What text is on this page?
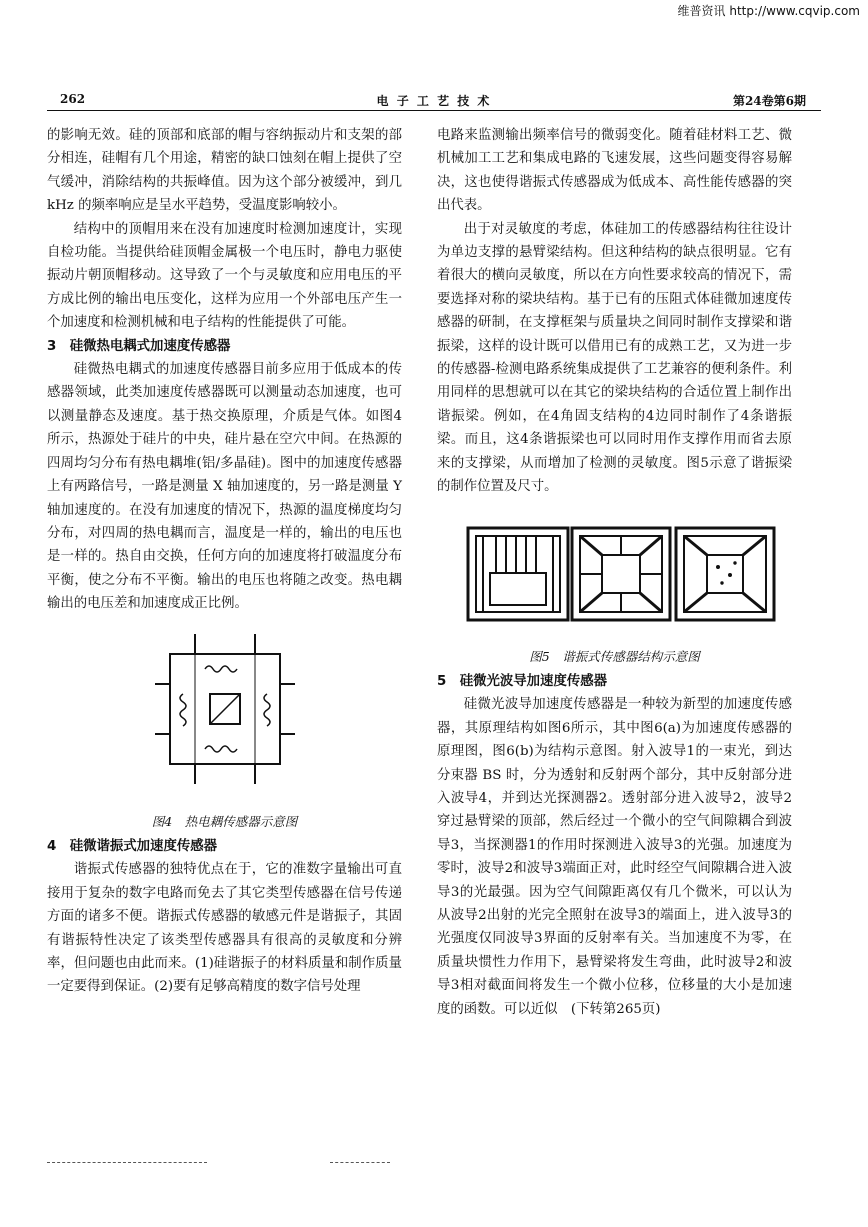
维普资讯 http://www.cqvip.com
262	电 子 工 艺 技 术	第24卷第6期

的影响无效。硅的顶部和底部的帽与容纳振动片和支架的部分相连，硅帽有几个用途，精密的缺口蚀刻在帽上提供了空气缓冲，消除结构的共振峰值。因为这个部分被缓冲，到几 kHz 的频率响应是呈水平趋势，受温度影响较小。

结构中的顶帽用来在没有加速度时检测加速度计，实现自检功能。当提供给硅顶帽金属极一个电压时，静电力驱使振动片朝顶帽移动。这导致了一个与灵敏度和应用电压的平方成比例的输出电压变化，这样为应用一个外部电压产生一个加速度和检测机械和电子结构的性能提供了可能。

3　硅微热电耦式加速度传感器

硅微热电耦式的加速度传感器目前多应用于低成本的传感器领域，此类加速度传感器既可以测量动态加速度，也可以测量静态及速度。基于热交换原理，介质是气体。如图4所示，热源处于硅片的中央，硅片悬在空穴中间。在热源的四周均匀分布有热电耦堆(铝/多晶硅)。图中的加速度传感器上有两路信号，一路是测量 X 轴加速度的，另一路是测量 Y 轴加速度的。在没有加速度的情况下，热源的温度梯度均匀分布，对四周的热电耦而言，温度是一样的，输出的电压也是一样的。热自由交换，任何方向的加速度将打破温度分布平衡，使之分布不平衡。输出的电压也将随之改变。热电耦输出的电压差和加速度成正比例。

图4　热电耦传感器示意图
4　硅微谐振式加速度传感器

谐振式传感器的独特优点在于，它的准数字量输出可直接用于复杂的数字电路而免去了其它类型传感器在信号传递方面的诸多不便。谐振式传感器的敏感元件是谐振子，其固有谐振特性决定了该类型传感器具有很高的灵敏度和分辨率，但问题也由此而来。(1)硅谐振子的材料质量和制作质量一定要得到保证。(2)要有足够高精度的数字信号处理

电路来监测输出频率信号的微弱变化。随着硅材料工艺、微机械加工工艺和集成电路的飞速发展，这些问题变得容易解决，这也使得谐振式传感器成为低成本、高性能传感器的突出代表。

出于对灵敏度的考虑，体硅加工的传感器结构往往设计为单边支撑的悬臂梁结构。但这种结构的缺点很明显。它有着很大的横向灵敏度，所以在方向性要求较高的情况下，需要选择对称的梁块结构。基于已有的压阻式体硅微加速度传感器的研制，在支撑框架与质量块之间同时制作支撑梁和谐振梁，这样的设计既可以借用已有的成熟工艺，又为进一步的传感器-检测电路系统集成提供了工艺兼容的便利条件。利用同样的思想就可以在其它的梁块结构的合适位置上制作出谐振梁。例如，在4角固支结构的4边同时制作了4条谐振梁。而且，这4条谐振梁也可以同时用作支撑作用而省去原来的支撑梁，从而增加了检测的灵敏度。图5示意了谐振梁的制作位置及尺寸。

图5　谐振式传感器结构示意图
5　硅微光波导加速度传感器

硅微光波导加速度传感器是一种较为新型的加速度传感器，其原理结构如图6所示，其中图6(a)为加速度传感器的原理图，图6(b)为结构示意图。射入波导1的一束光，到达分束器 BS 时，分为透射和反射两个部分，其中反射部分进入波导4，并到达光探测器2。透射部分进入波导2，波导2穿过悬臂梁的顶部，然后经过一个微小的空气间隙耦合到波导3，当探测器1的作用时探测进入波导3的光强。加速度为零时，波导2和波导3端面正对，此时经空气间隙耦合进入波导3的光最强。因为空气间隙距离仅有几个微米，可以认为从波导2出射的光完全照射在波导3的端面上，进入波导3的光强度仅同波导3界面的反射率有关。当加速度不为零，在质量块惯性力作用下，悬臂梁将发生弯曲，此时波导2和波导3相对截面间将发生一个微小位移，位移量的大小是加速度的函数。可以近似　(下转第265页)
